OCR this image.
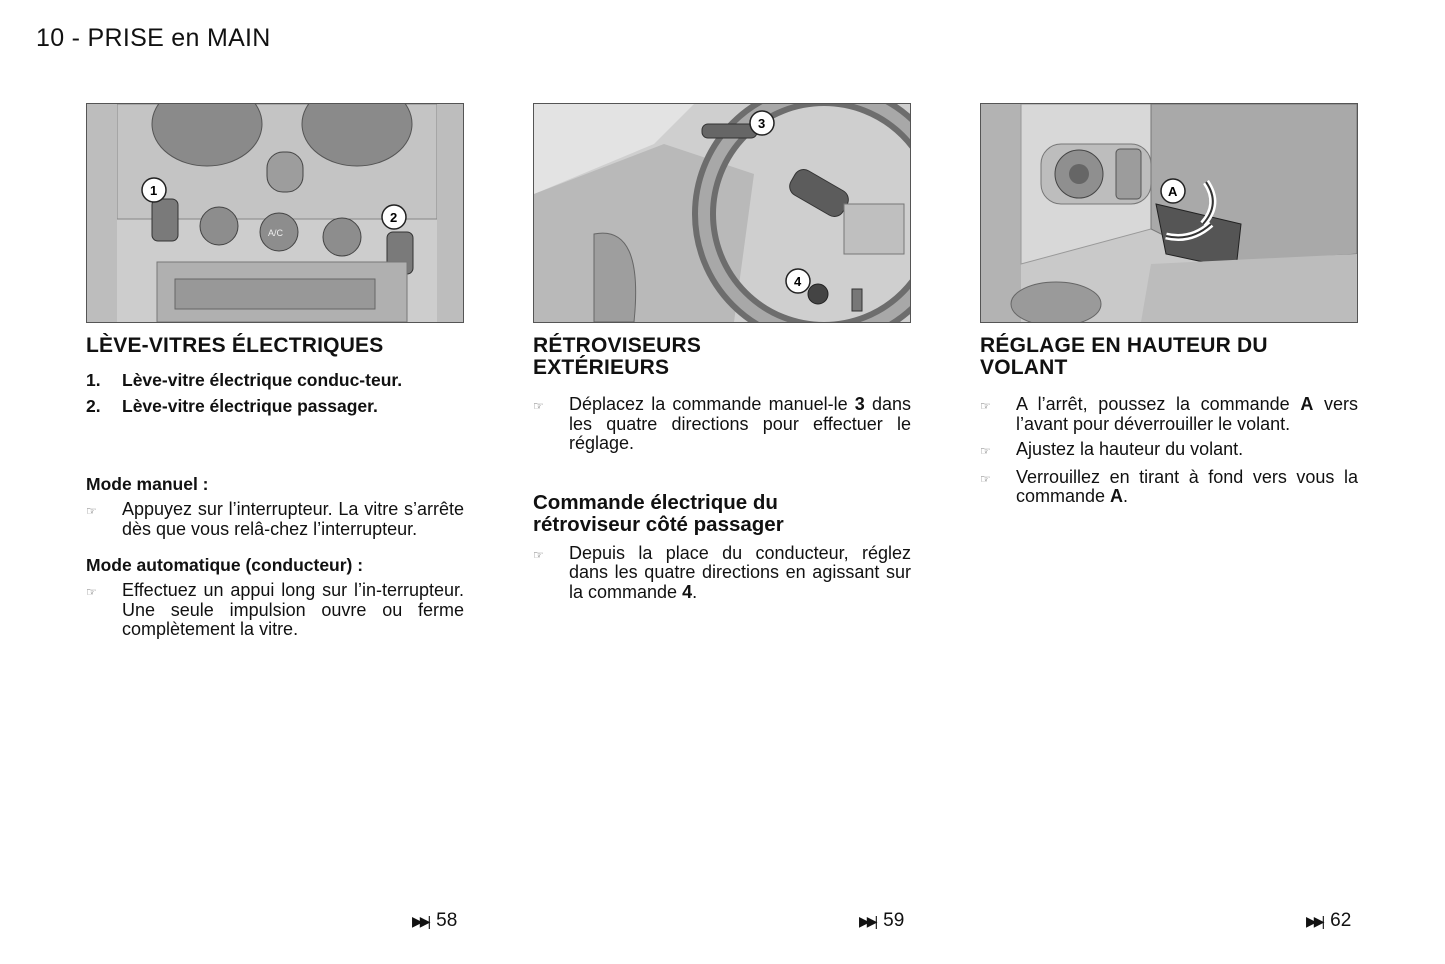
10 - PRISE en MAIN
A/C
1
2
LÈVE-VITRES ÉLECTRIQUES
1.	Lève-vitre électrique conduc-teur.
2.	Lève-vitre électrique passager.

Mode manuel :

☞	Appuyez sur l’interrupteur. La vitre s’arrête dès que vous relâ-chez l’interrupteur.

Mode automatique (conducteur) :

☞	Effectuez un appui long sur l’in-terrupteur. Une seule impulsion ouvre ou ferme complètement la vitre.
3
4
RÉTROVISEURS
EXTÉRIEURS
☞	Déplacez la commande manuel-le 3 dans les quatre directions pour effectuer le réglage.
Commande électrique du
rétroviseur côté passager
☞	Depuis la place du conducteur, réglez dans les quatre directions en agissant sur la commande 4.
A
RÉGLAGE EN HAUTEUR DU
VOLANT
☞	A l’arrêt, poussez la commande A vers l’avant pour déverrouiller le volant.
☞	Ajustez la hauteur du volant.
☞	Verrouillez en tirant à fond vers vous la commande A.
▶▶| 58	▶▶| 59	▶▶| 62
